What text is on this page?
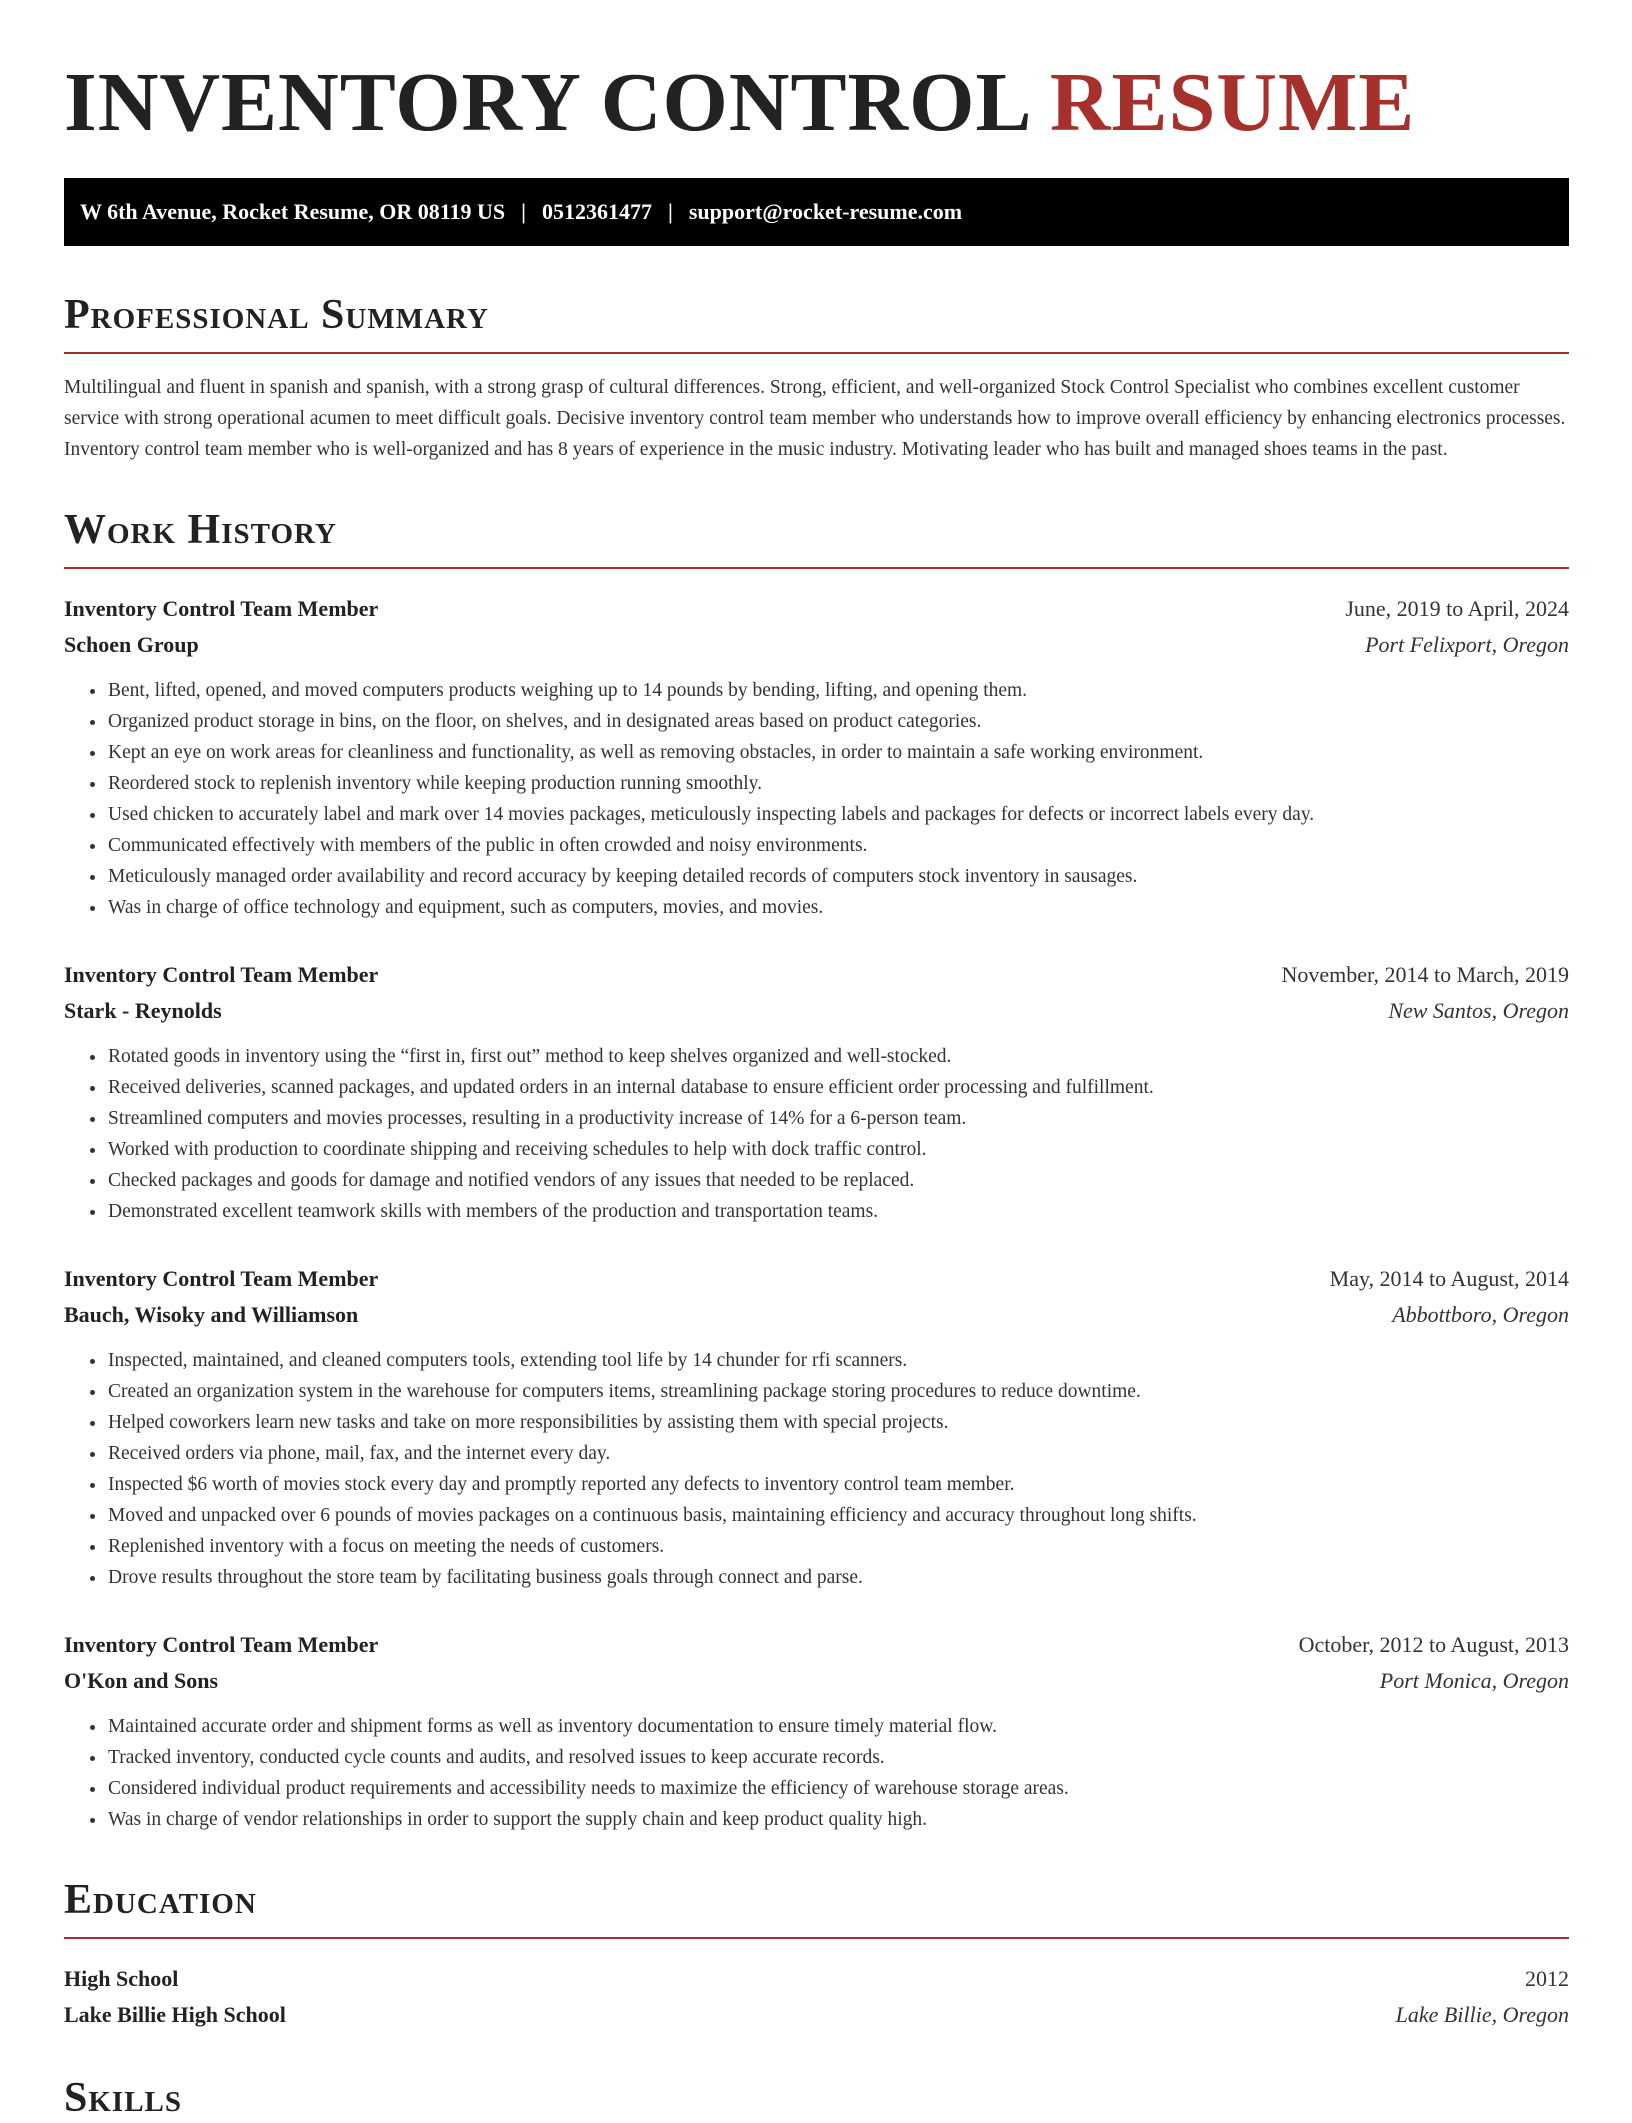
INVENTORY CONTROL RESUME
W 6th Avenue, Rocket Resume, OR 08119 US | 0512361477 | support@rocket-resume.com
Professional Summary

Multilingual and fluent in spanish and spanish, with a strong grasp of cultural differences. Strong, efficient, and well-organized Stock Control Specialist who combines excellent customer service with strong operational acumen to meet difficult goals. Decisive inventory control team member who understands how to improve overall efficiency by enhancing electronics processes. Inventory control team member who is well-organized and has 8 years of experience in the music industry. Motivating leader who has built and managed shoes teams in the past.

Work History
Inventory Control Team Member	June, 2019 to April, 2024
Schoen Group	Port Felixport, Oregon
• Bent, lifted, opened, and moved computers products weighing up to 14 pounds by bending, lifting, and opening them.
• Organized product storage in bins, on the floor, on shelves, and in designated areas based on product categories.
• Kept an eye on work areas for cleanliness and functionality, as well as removing obstacles, in order to maintain a safe working environment.
• Reordered stock to replenish inventory while keeping production running smoothly.
• Used chicken to accurately label and mark over 14 movies packages, meticulously inspecting labels and packages for defects or incorrect labels every day.
• Communicated effectively with members of the public in often crowded and noisy environments.
• Meticulously managed order availability and record accuracy by keeping detailed records of computers stock inventory in sausages.
• Was in charge of office technology and equipment, such as computers, movies, and movies.
Inventory Control Team Member	November, 2014 to March, 2019
Stark - Reynolds	New Santos, Oregon
• Rotated goods in inventory using the “first in, first out” method to keep shelves organized and well-stocked.
• Received deliveries, scanned packages, and updated orders in an internal database to ensure efficient order processing and fulfillment.
• Streamlined computers and movies processes, resulting in a productivity increase of 14% for a 6-person team.
• Worked with production to coordinate shipping and receiving schedules to help with dock traffic control.
• Checked packages and goods for damage and notified vendors of any issues that needed to be replaced.
• Demonstrated excellent teamwork skills with members of the production and transportation teams.
Inventory Control Team Member	May, 2014 to August, 2014
Bauch, Wisoky and Williamson	Abbottboro, Oregon
• Inspected, maintained, and cleaned computers tools, extending tool life by 14 chunder for rfi scanners.
• Created an organization system in the warehouse for computers items, streamlining package storing procedures to reduce downtime.
• Helped coworkers learn new tasks and take on more responsibilities by assisting them with special projects.
• Received orders via phone, mail, fax, and the internet every day.
• Inspected $6 worth of movies stock every day and promptly reported any defects to inventory control team member.
• Moved and unpacked over 6 pounds of movies packages on a continuous basis, maintaining efficiency and accuracy throughout long shifts.
• Replenished inventory with a focus on meeting the needs of customers.
• Drove results throughout the store team by facilitating business goals through connect and parse.
Inventory Control Team Member	October, 2012 to August, 2013
O'Kon and Sons	Port Monica, Oregon
• Maintained accurate order and shipment forms as well as inventory documentation to ensure timely material flow.
• Tracked inventory, conducted cycle counts and audits, and resolved issues to keep accurate records.
• Considered individual product requirements and accessibility needs to maximize the efficiency of warehouse storage areas.
• Was in charge of vendor relationships in order to support the supply chain and keep product quality high.
Education
High School	2012
Lake Billie High School	Lake Billie, Oregon
Skills
